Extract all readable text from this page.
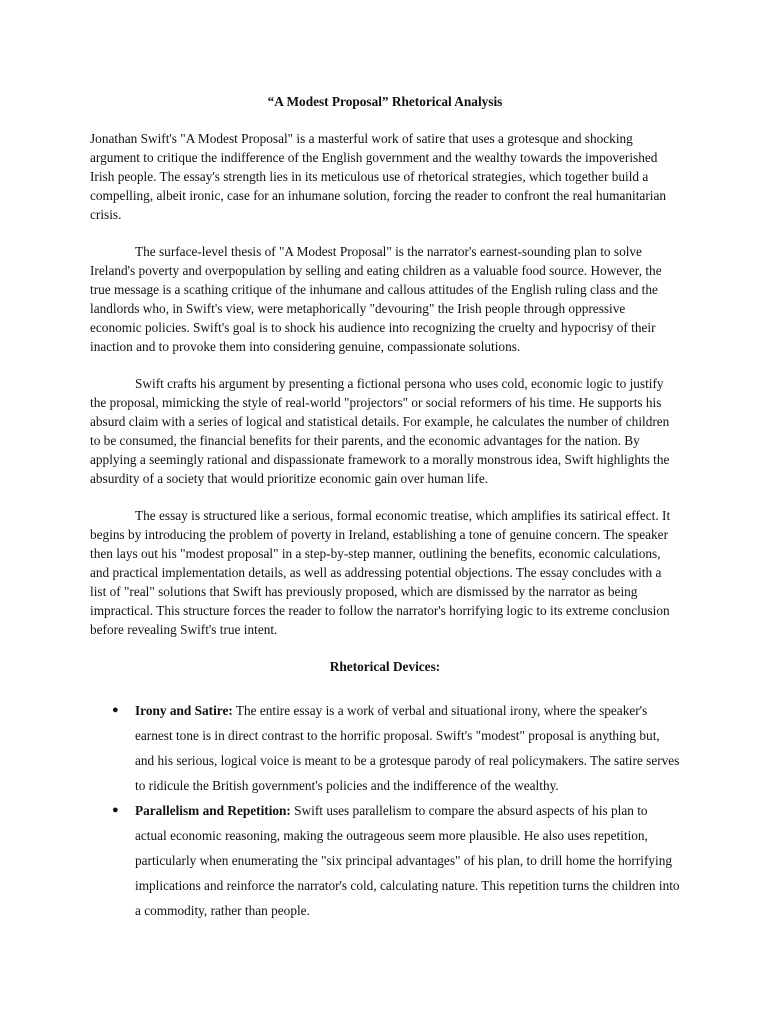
“A Modest Proposal” Rhetorical Analysis

Jonathan Swift's "A Modest Proposal" is a masterful work of satire that uses a grotesque and shocking argument to critique the indifference of the English government and the wealthy towards the impoverished Irish people. The essay's strength lies in its meticulous use of rhetorical strategies, which together build a compelling, albeit ironic, case for an inhumane solution, forcing the reader to confront the real humanitarian crisis.

The surface-level thesis of "A Modest Proposal" is the narrator's earnest-sounding plan to solve Ireland's poverty and overpopulation by selling and eating children as a valuable food source. However, the true message is a scathing critique of the inhumane and callous attitudes of the English ruling class and the landlords who, in Swift's view, were metaphorically "devouring" the Irish people through oppressive economic policies. Swift's goal is to shock his audience into recognizing the cruelty and hypocrisy of their inaction and to provoke them into considering genuine, compassionate solutions.

Swift crafts his argument by presenting a fictional persona who uses cold, economic logic to justify the proposal, mimicking the style of real-world "projectors" or social reformers of his time. He supports his absurd claim with a series of logical and statistical details. For example, he calculates the number of children to be consumed, the financial benefits for their parents, and the economic advantages for the nation. By applying a seemingly rational and dispassionate framework to a morally monstrous idea, Swift highlights the absurdity of a society that would prioritize economic gain over human life.

The essay is structured like a serious, formal economic treatise, which amplifies its satirical effect. It begins by introducing the problem of poverty in Ireland, establishing a tone of genuine concern. The speaker then lays out his "modest proposal" in a step-by-step manner, outlining the benefits, economic calculations, and practical implementation details, as well as addressing potential objections. The essay concludes with a list of "real" solutions that Swift has previously proposed, which are dismissed by the narrator as being impractical. This structure forces the reader to follow the narrator's horrifying logic to its extreme conclusion before revealing Swift's true intent.

Rhetorical Devices:
● Irony and Satire: The entire essay is a work of verbal and situational irony, where the speaker's earnest tone is in direct contrast to the horrific proposal. Swift's "modest" proposal is anything but, and his serious, logical voice is meant to be a grotesque parody of real policymakers. The satire serves to ridicule the British government's policies and the indifference of the wealthy.
● Parallelism and Repetition: Swift uses parallelism to compare the absurd aspects of his plan to actual economic reasoning, making the outrageous seem more plausible. He also uses repetition, particularly when enumerating the "six principal advantages" of his plan, to drill home the horrifying implications and reinforce the narrator's cold, calculating nature. This repetition turns the children into a commodity, rather than people.
